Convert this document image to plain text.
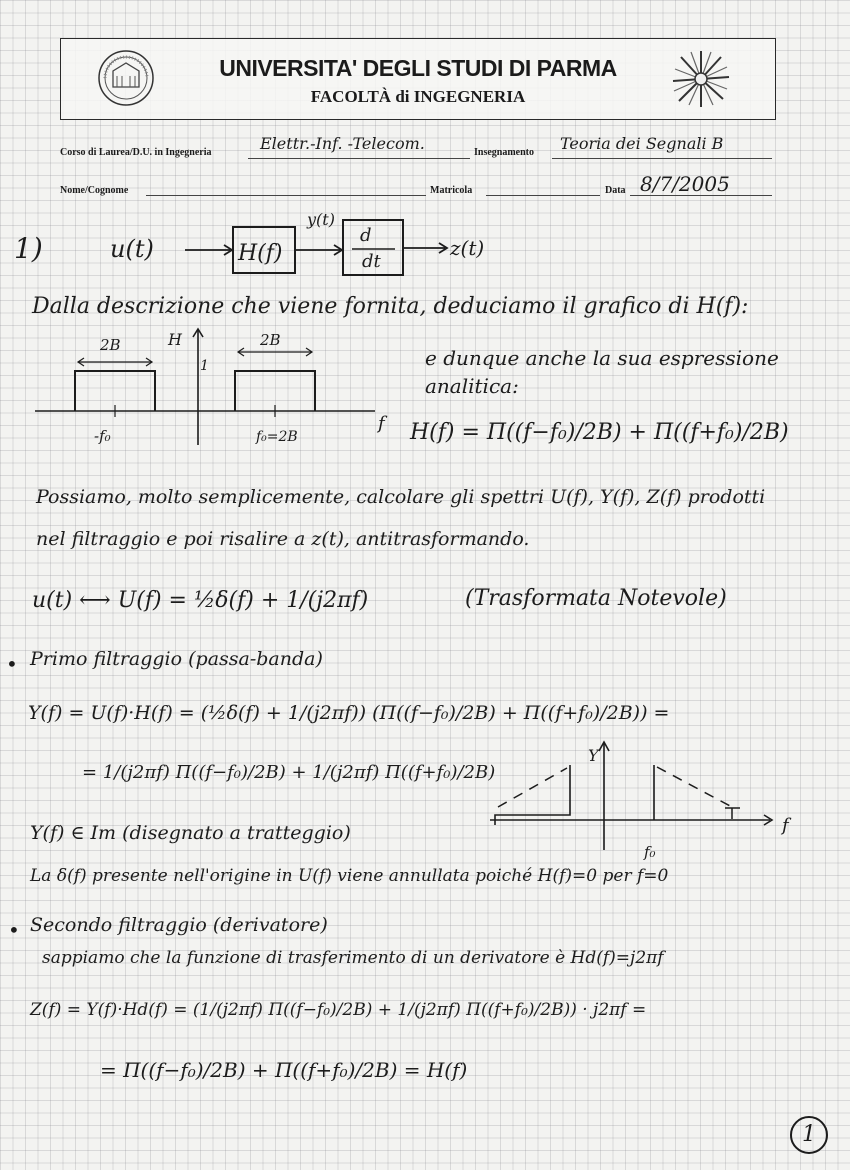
UNIVERSITA' DEGLI STUDI DI PARMA
FACOLTÀ di INGEGNERIA
Corso di Laurea/D.U. in Ingegneria	Elettr.-Inf. -Telecom.	Insegnamento Teoria dei Segnali B
Nome/Cognome	Matricola	Data 8/7/2005
1)	u(t)	H(f)
y(t)
d
dt
z(t)
Dalla descrizione che viene fornita, deduciamo il grafico di H(f):
H
1
2B	2B
-f₀	f₀=2B
f
e dunque anche la sua espressione
analitica:
H(f) = Π((f−f₀)/2B) + Π((f+f₀)/2B)
Possiamo, molto semplicemente, calcolare gli spettri U(f), Y(f), Z(f) prodotti
nel filtraggio e poi risalire a z(t), antitrasformando.
u(t) ⟷ U(f) = ½δ(f) + 1/(j2πf)	(Trasformata Notevole)
• Primo filtraggio (passa-banda)
Y(f) = U(f)·H(f) = (½δ(f) + 1/(j2πf)) (Π((f−f₀)/2B) + Π((f+f₀)/2B)) =
= 1/(j2πf) Π((f−f₀)/2B) + 1/(j2πf) Π((f+f₀)/2B)
f
Y
f₀
Y(f) ∈ Im (disegnato a tratteggio)
La δ(f) presente nell'origine in U(f) viene annullata poiché H(f)=0 per f=0
• Secondo filtraggio (derivatore)
sappiamo che la funzione di trasferimento di un derivatore è Hd(f)=j2πf
Z(f) = Y(f)·Hd(f) = (1/(j2πf) Π((f−f₀)/2B) + 1/(j2πf) Π((f+f₀)/2B)) · j2πf =
= Π((f−f₀)/2B) + Π((f+f₀)/2B) = H(f)
1
